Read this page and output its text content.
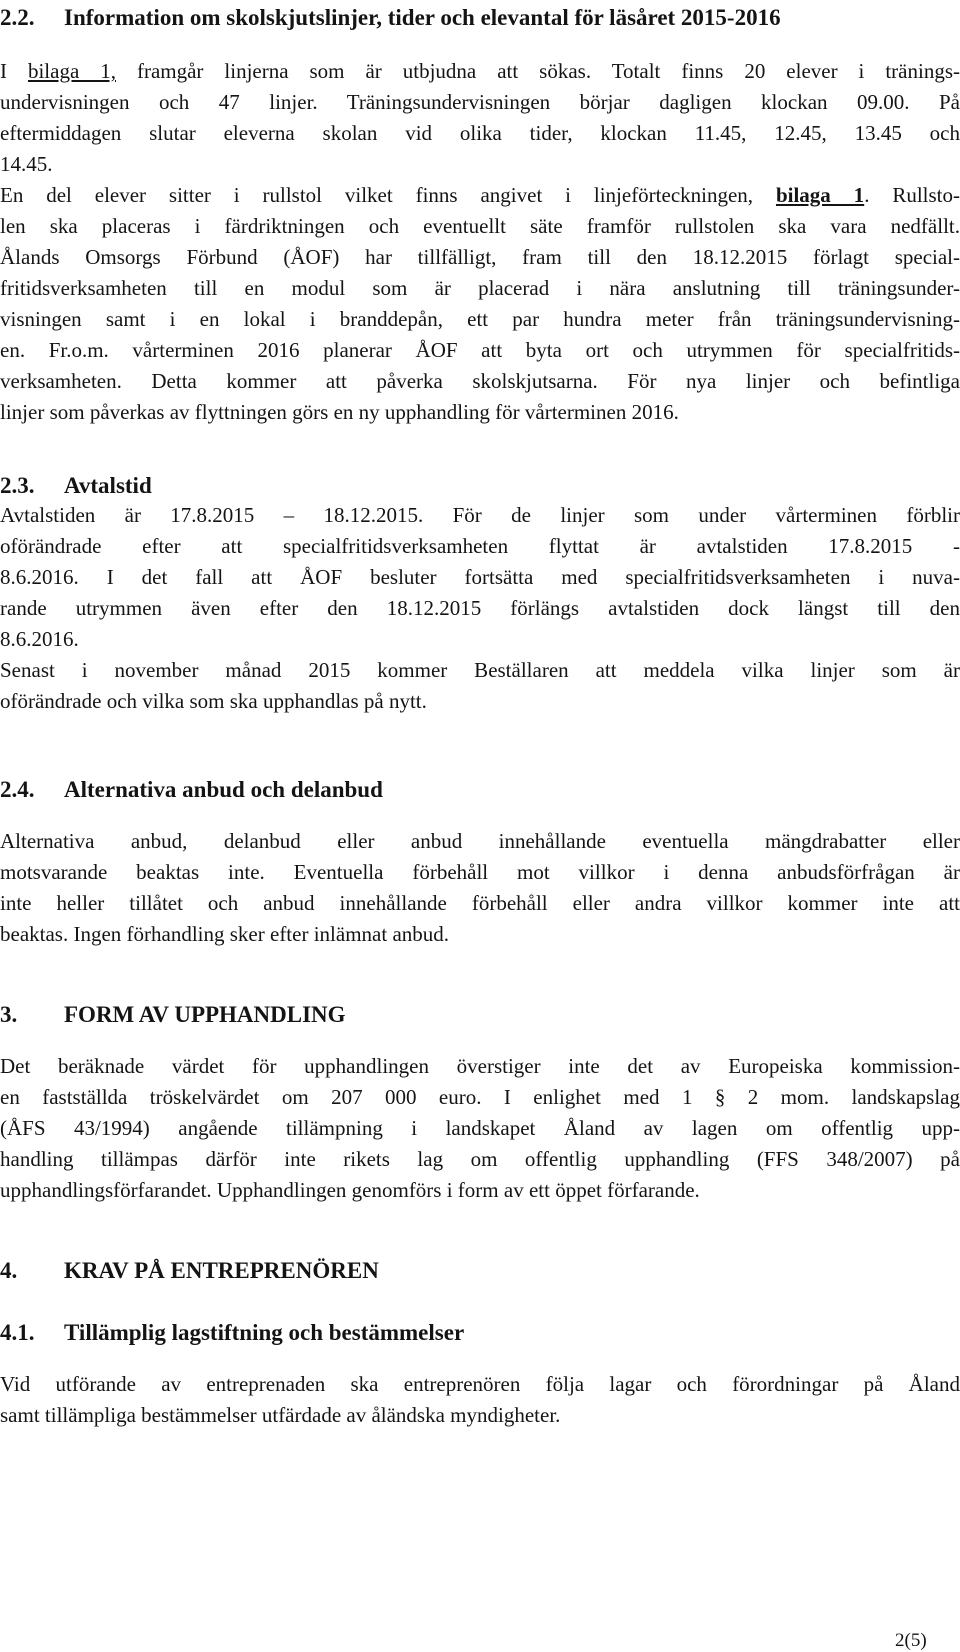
2.2. Information om skolskjutslinjer, tider och elevantal för läsåret 2015-2016
I bilaga 1, framgår linjerna som är utbjudna att sökas. Totalt finns 20 elever i tränings-
undervisningen och 47 linjer. Träningsundervisningen börjar dagligen klockan 09.00. På
eftermiddagen slutar eleverna skolan vid olika tider, klockan 11.45, 12.45, 13.45 och
14.45.
En del elever sitter i rullstol vilket finns angivet i linjeförteckningen, bilaga 1. Rullsto-
len ska placeras i färdriktningen och eventuellt säte framför rullstolen ska vara nedfällt.
Ålands Omsorgs Förbund (ÅOF) har tillfälligt, fram till den 18.12.2015 förlagt special-
fritidsverksamheten till en modul som är placerad i nära anslutning till träningsunder-
visningen samt i en lokal i branddepån, ett par hundra meter från träningsundervisning-
en. Fr.o.m. vårterminen 2016 planerar ÅOF att byta ort och utrymmen för specialfritids-
verksamheten. Detta kommer att påverka skolskjutsarna. För nya linjer och befintliga
linjer som påverkas av flyttningen görs en ny upphandling för vårterminen 2016.
2.3. Avtalstid
Avtalstiden är 17.8.2015 – 18.12.2015. För de linjer som under vårterminen förblir
oförändrade efter att specialfritidsverksamheten flyttat är avtalstiden 17.8.2015 -
8.6.2016. I det fall att ÅOF besluter fortsätta med specialfritidsverksamheten i nuva-
rande utrymmen även efter den 18.12.2015 förlängs avtalstiden dock längst till den
8.6.2016.
Senast i november månad 2015 kommer Beställaren att meddela vilka linjer som är
oförändrade och vilka som ska upphandlas på nytt.
2.4. Alternativa anbud och delanbud
Alternativa anbud, delanbud eller anbud innehållande eventuella mängdrabatter eller
motsvarande beaktas inte. Eventuella förbehåll mot villkor i denna anbudsförfrågan är
inte heller tillåtet och anbud innehållande förbehåll eller andra villkor kommer inte att
beaktas. Ingen förhandling sker efter inlämnat anbud.
3. FORM AV UPPHANDLING
Det beräknade värdet för upphandlingen överstiger inte det av Europeiska kommission-
en fastställda tröskelvärdet om 207 000 euro. I enlighet med 1 § 2 mom. landskapslag
(ÅFS 43/1994) angående tillämpning i landskapet Åland av lagen om offentlig upp-
handling tillämpas därför inte rikets lag om offentlig upphandling (FFS 348/2007) på
upphandlingsförfarandet. Upphandlingen genomförs i form av ett öppet förfarande.
4. KRAV PÅ ENTREPRENÖREN
4.1. Tillämplig lagstiftning och bestämmelser
Vid utförande av entreprenaden ska entreprenören följa lagar och förordningar på Åland
samt tillämpliga bestämmelser utfärdade av åländska myndigheter.
2(5)
